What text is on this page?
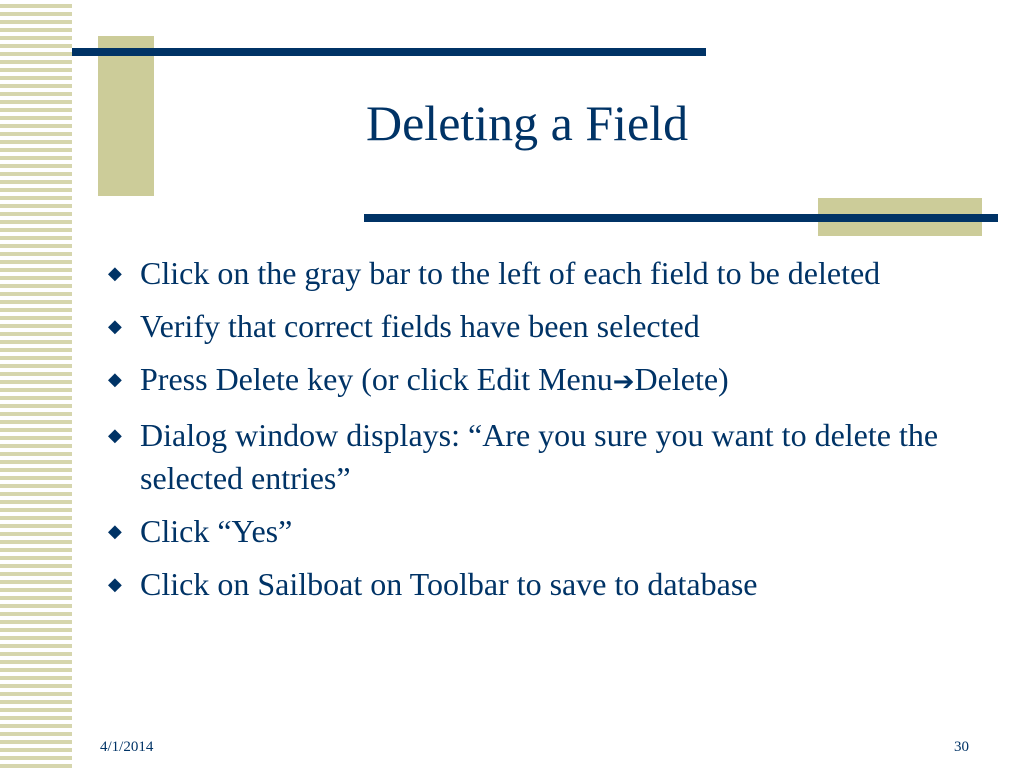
Deleting a Field
◆ Click on the gray bar to the left of each field to be deleted
◆ Verify that correct fields have been selected
◆ Press Delete key (or click Edit Menu➔Delete)
◆ Dialog window displays: “Are you sure you want to delete the selected entries”
◆ Click “Yes”
◆ Click on Sailboat on Toolbar to save to database
4/1/2014	30
